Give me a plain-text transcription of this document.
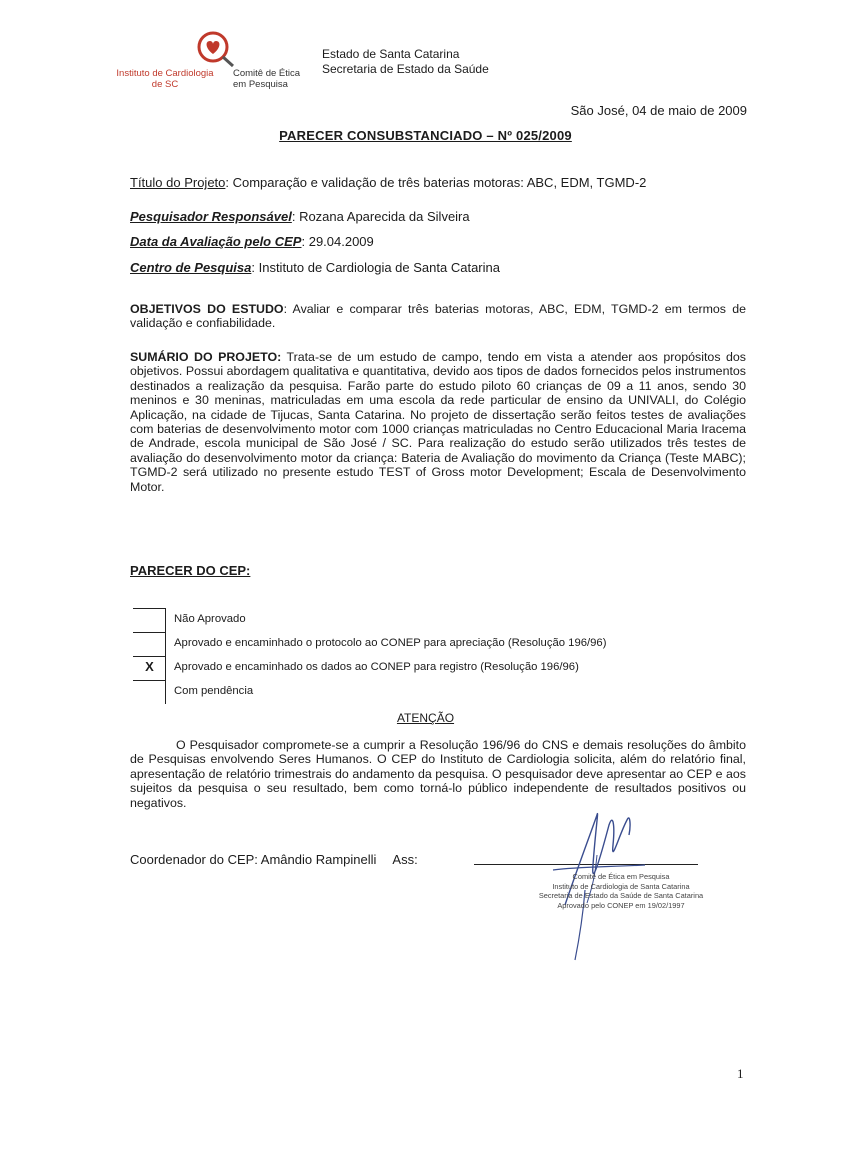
Instituto de Cardiologia de SC
Comitê de Ética em Pesquisa
Estado de Santa Catarina
Secretaria de Estado da Saúde
São José, 04 de maio de 2009
PARECER CONSUBSTANCIADO – Nº 025/2009
Título do Projeto: Comparação e validação de três baterias motoras: ABC, EDM, TGMD-2
Pesquisador Responsável: Rozana Aparecida da Silveira
Data da Avaliação pelo CEP: 29.04.2009
Centro de Pesquisa: Instituto de Cardiologia de Santa Catarina
OBJETIVOS DO ESTUDO: Avaliar e comparar três baterias motoras, ABC, EDM, TGMD-2 em termos de validação e confiabilidade.
SUMÁRIO DO PROJETO: Trata-se de um estudo de campo, tendo em vista a atender aos propósitos dos objetivos. Possui abordagem qualitativa e quantitativa, devido aos tipos de dados fornecidos pelos instrumentos destinados a realização da pesquisa. Farão parte do estudo piloto 60 crianças de 09 a 11 anos, sendo 30 meninos e 30 meninas, matriculadas em uma escola da rede particular de ensino da UNIVALI, do Colégio Aplicação, na cidade de Tijucas, Santa Catarina. No projeto de dissertação serão feitos testes de avaliações com baterias de desenvolvimento motor com 1000 crianças matriculadas no Centro Educacional Maria Iracema de Andrade, escola municipal de São José / SC. Para realização do estudo serão utilizados três testes de avaliação do desenvolvimento motor da criança: Bateria de Avaliação do movimento da Criança (Teste MABC); TGMD-2 será utilizado no presente estudo TEST of Gross motor Development; Escala de Desenvolvimento Motor.
PARECER DO CEP:
Não Aprovado
Aprovado e encaminhado o protocolo ao CONEP para apreciação (Resolução 196/96)
X	Aprovado e encaminhado os dados ao CONEP para registro (Resolução 196/96)
Com pendência
ATENÇÃO
O Pesquisador compromete-se a cumprir a Resolução 196/96 do CNS e demais resoluções do âmbito de Pesquisas envolvendo Seres Humanos. O CEP do Instituto de Cardiologia solicita, além do relatório final, apresentação de relatório trimestrais do andamento da pesquisa. O pesquisador deve apresentar ao CEP e aos sujeitos da pesquisa o seu resultado, bem como torná-lo público independente de resultados positivos ou negativos.
Coordenador do CEP: Amândio Rampinelli Ass:
Comitê de Ética em Pesquisa
Instituto de Cardiologia de Santa Catarina
Secretaria de Estado da Saúde de Santa Catarina
Aprovado pelo CONEP em 19/02/1997
1
